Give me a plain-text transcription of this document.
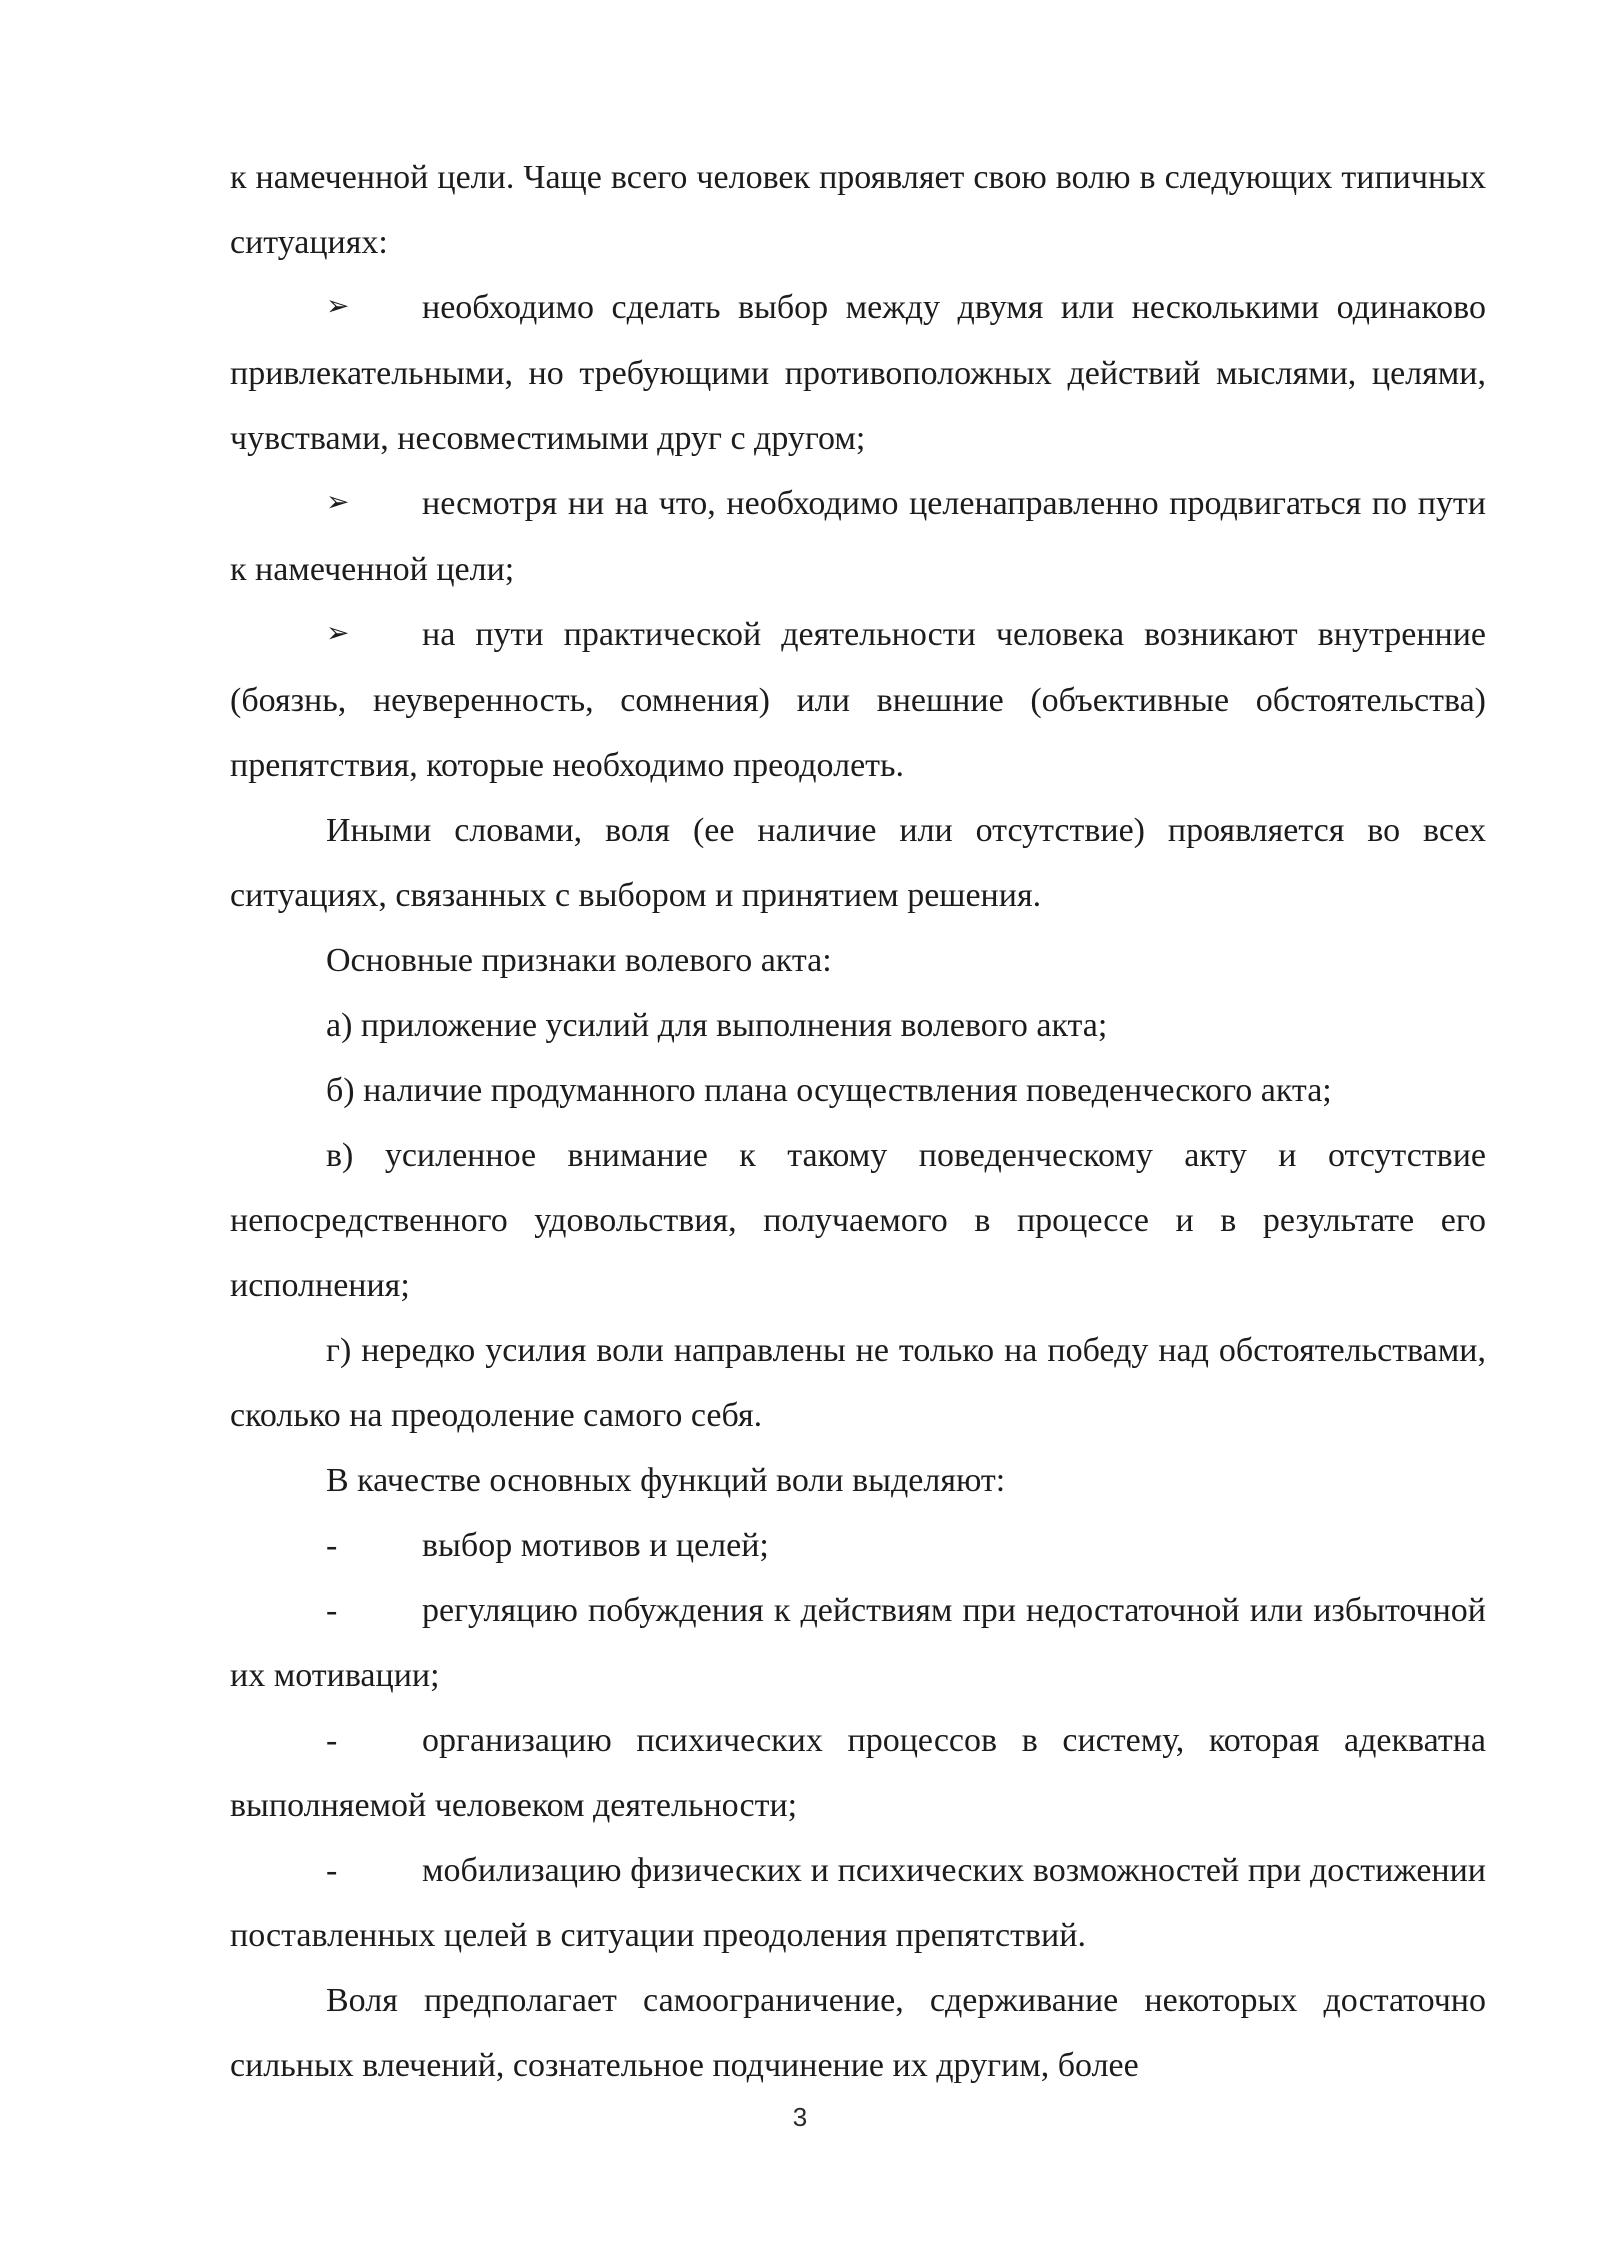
к намеченной цели. Чаще всего человек проявляет свою волю в следующих типичных ситуациях:

➢ необходимо сделать выбор между двумя или несколькими одинаково привлекательными, но требующими противоположных действий мыслями, целями, чувствами, несовместимыми друг с другом;

➢ несмотря ни на что, необходимо целенаправленно продвигаться по пути к намеченной цели;

➢ на пути практической деятельности человека возникают внутренние (боязнь, неуверенность, сомнения) или внешние (объективные обстоятельства) препятствия, которые необходимо преодолеть.

Иными словами, воля (ее наличие или отсутствие) проявляется во всех ситуациях, связанных с выбором и принятием решения.

Основные признаки волевого акта:

а) приложение усилий для выполнения волевого акта;

б) наличие продуманного плана осуществления поведенческого акта;

в) усиленное внимание к такому поведенческому акту и отсутствие непосредственного удовольствия, получаемого в процессе и в результате его исполнения;

г) нередко усилия воли направлены не только на победу над обстоятельствами, сколько на преодоление самого себя.

В качестве основных функций воли выделяют:

- выбор мотивов и целей;

- регуляцию побуждения к действиям при недостаточной или избыточной их мотивации;

- организацию психических процессов в систему, которая адекватна выполняемой человеком деятельности;

- мобилизацию физических и психических возможностей при достижении поставленных целей в ситуации преодоления препятствий.

Воля предполагает самоограничение, сдерживание некоторых достаточно сильных влечений, сознательное подчинение их другим, более

3
